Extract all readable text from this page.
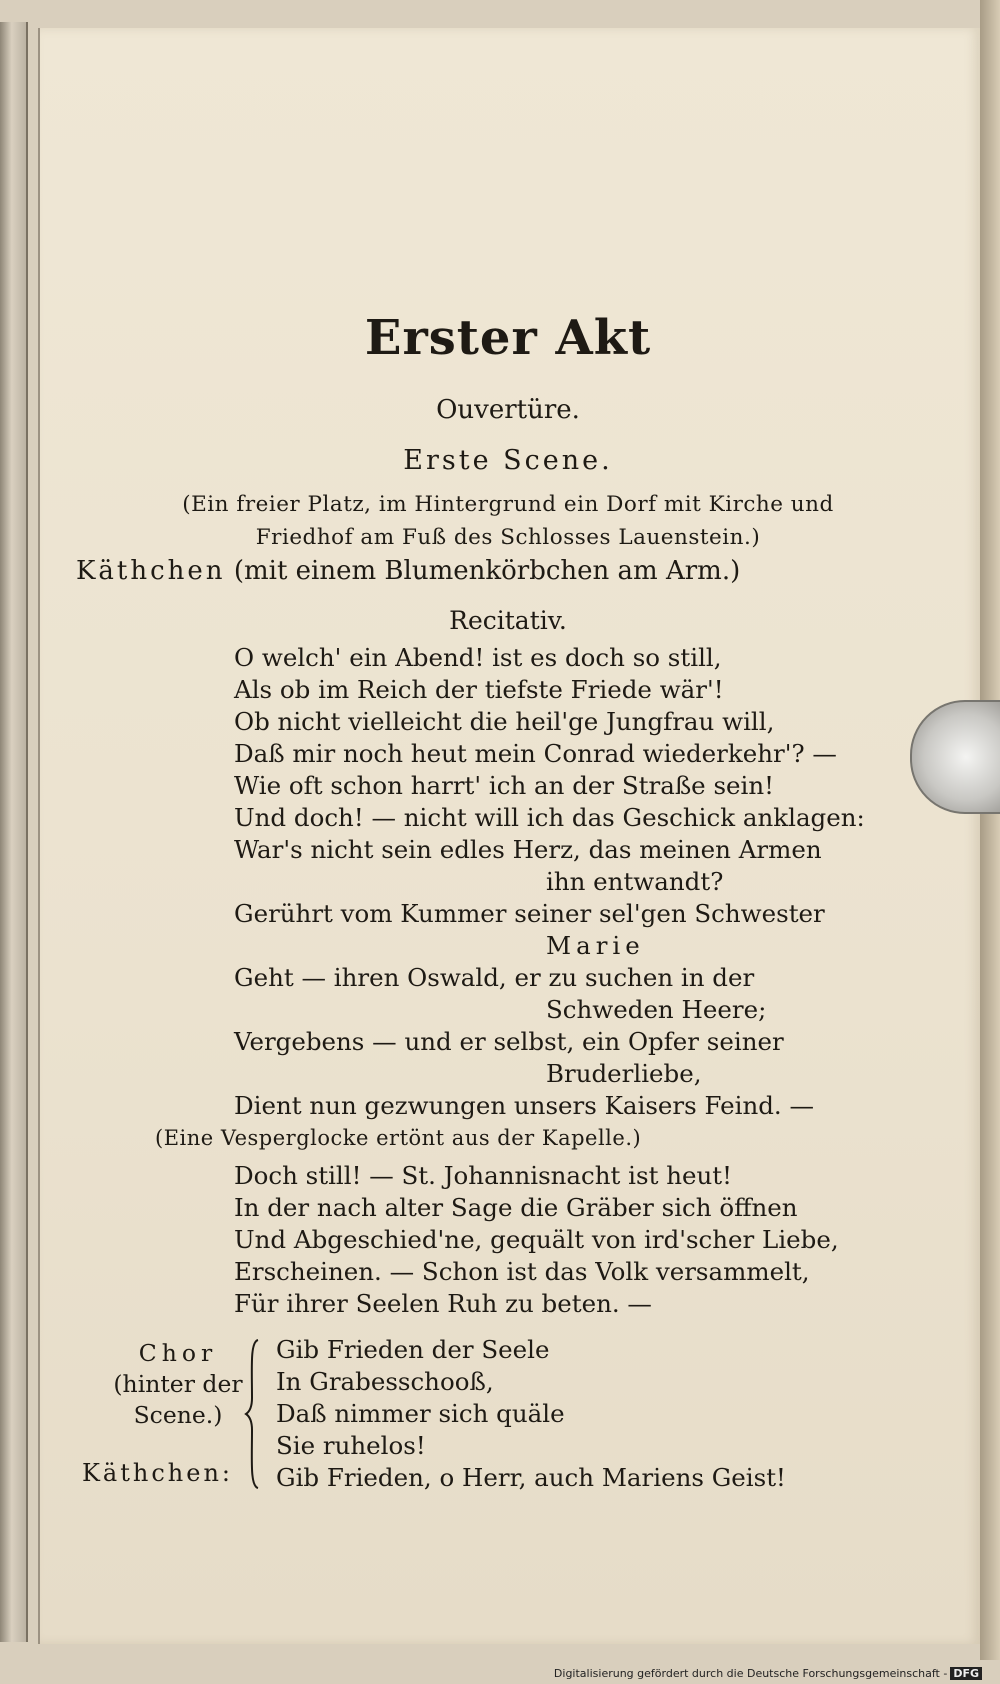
Erster Akt
Ouvertüre.
Erste Scene.
(Ein freier Platz, im Hintergrund ein Dorf mit Kirche und
Friedhof am Fuß des Schlosses Lauenstein.)
Käthchen (mit einem Blumenkörbchen am Arm.)
Recitativ.
O welch' ein Abend! ist es doch so still,
Als ob im Reich der tiefste Friede wär'!
Ob nicht vielleicht die heil'ge Jungfrau will,
Daß mir noch heut mein Conrad wiederkehr'? —
Wie oft schon harrt' ich an der Straße sein!
Und doch! — nicht will ich das Geschick anklagen:
War's nicht sein edles Herz, das meinen Armen
ihn entwandt?
Gerührt vom Kummer seiner sel'gen Schwester
Marie
Geht — ihren Oswald, er zu suchen in der
Schweden Heere;
Vergebens — und er selbst, ein Opfer seiner
Bruderliebe,
Dient nun gezwungen unsers Kaisers Feind. —
(Eine Vesperglocke ertönt aus der Kapelle.)
Doch still! — St. Johannisnacht ist heut!
In der nach alter Sage die Gräber sich öffnen
Und Abgeschied'ne, gequält von ird'scher Liebe,
Erscheinen. — Schon ist das Volk versammelt,
Für ihrer Seelen Ruh zu beten. —
Chor
(hinter der
Scene.)
Käthchen:
Gib Frieden der Seele
In Grabesschooß,
Daß nimmer sich quäle
Sie ruhelos!
Gib Frieden, o Herr, auch Mariens Geist!
Digitalisierung gefördert durch die Deutsche Forschungsgemeinschaft - DFG
